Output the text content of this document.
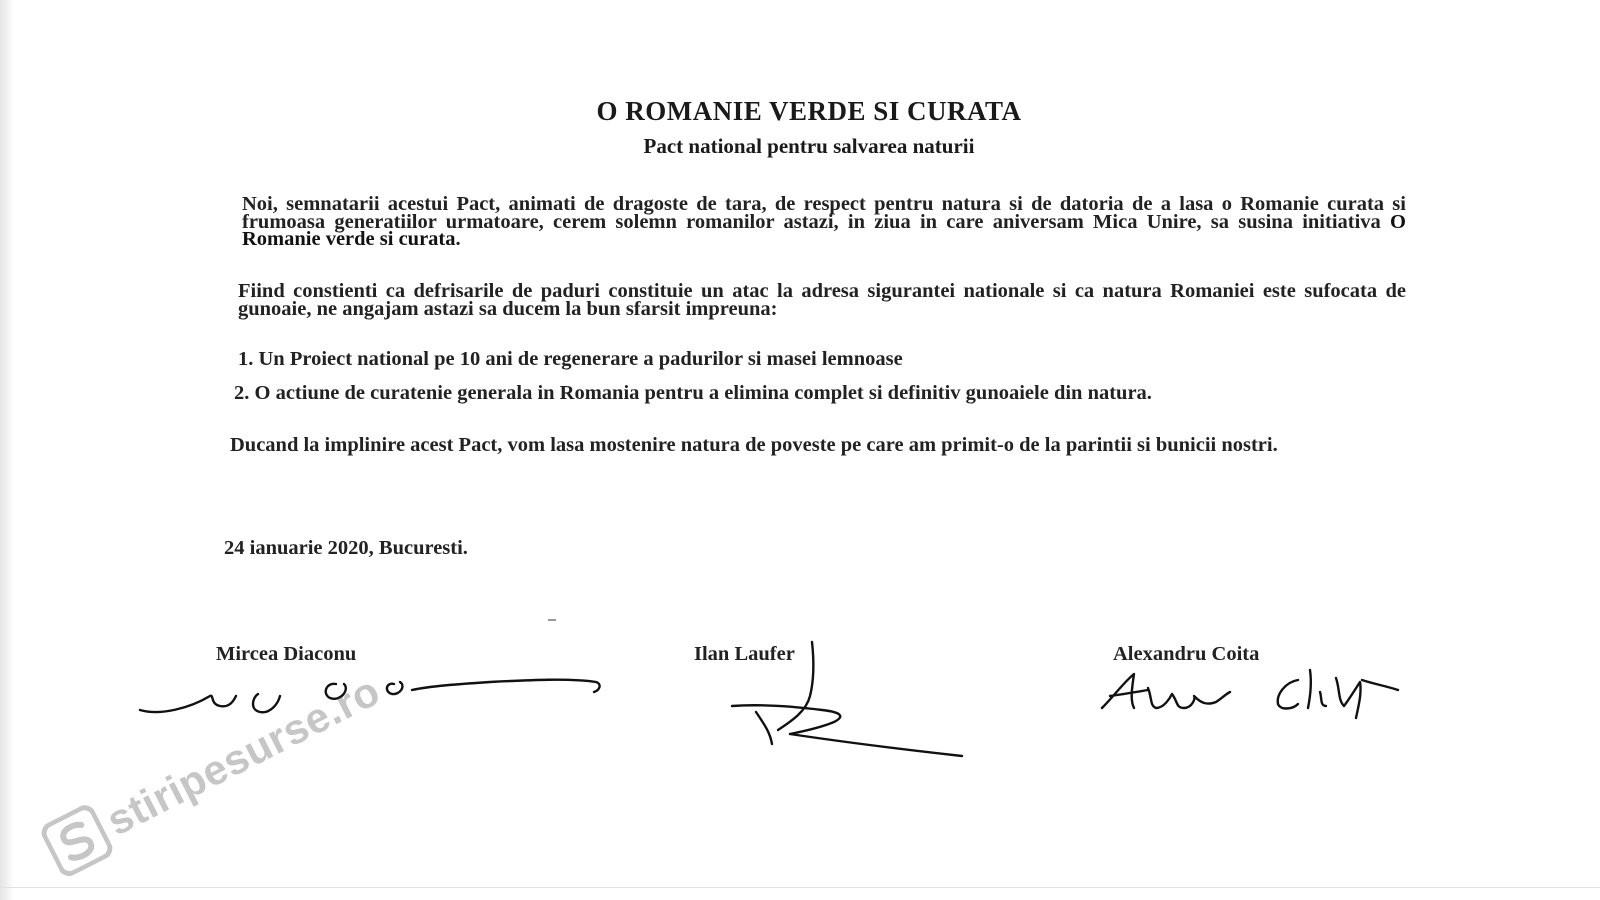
O ROMANIE VERDE SI CURATA
Pact national pentru salvarea naturii
Noi, semnatarii acestui Pact, animati de dragoste de tara, de respect pentru natura si de datoria de a lasa o Romanie curata si frumoasa generatiilor urmatoare, cerem solemn romanilor astazi, in ziua in care aniversam Mica Unire, sa susina initiativa O Romanie verde si curata.
Fiind constienti ca defrisarile de paduri constituie un atac la adresa sigurantei nationale si ca natura Romaniei este sufocata de gunoaie, ne angajam astazi sa ducem la bun sfarsit impreuna:
1. Un Proiect national pe 10 ani de regenerare a padurilor si masei lemnoase
2. O actiune de curatenie generala in Romania pentru a elimina complet si definitiv gunoaiele din natura.
Ducand la implinire acest Pact, vom lasa mostenire natura de poveste pe care am primit-o de la parintii si bunicii nostri.
24 ianuarie 2020, Bucuresti.
Mircea Diaconu	Ilan Laufer	Alexandru Coita
stiripesurse.ro
